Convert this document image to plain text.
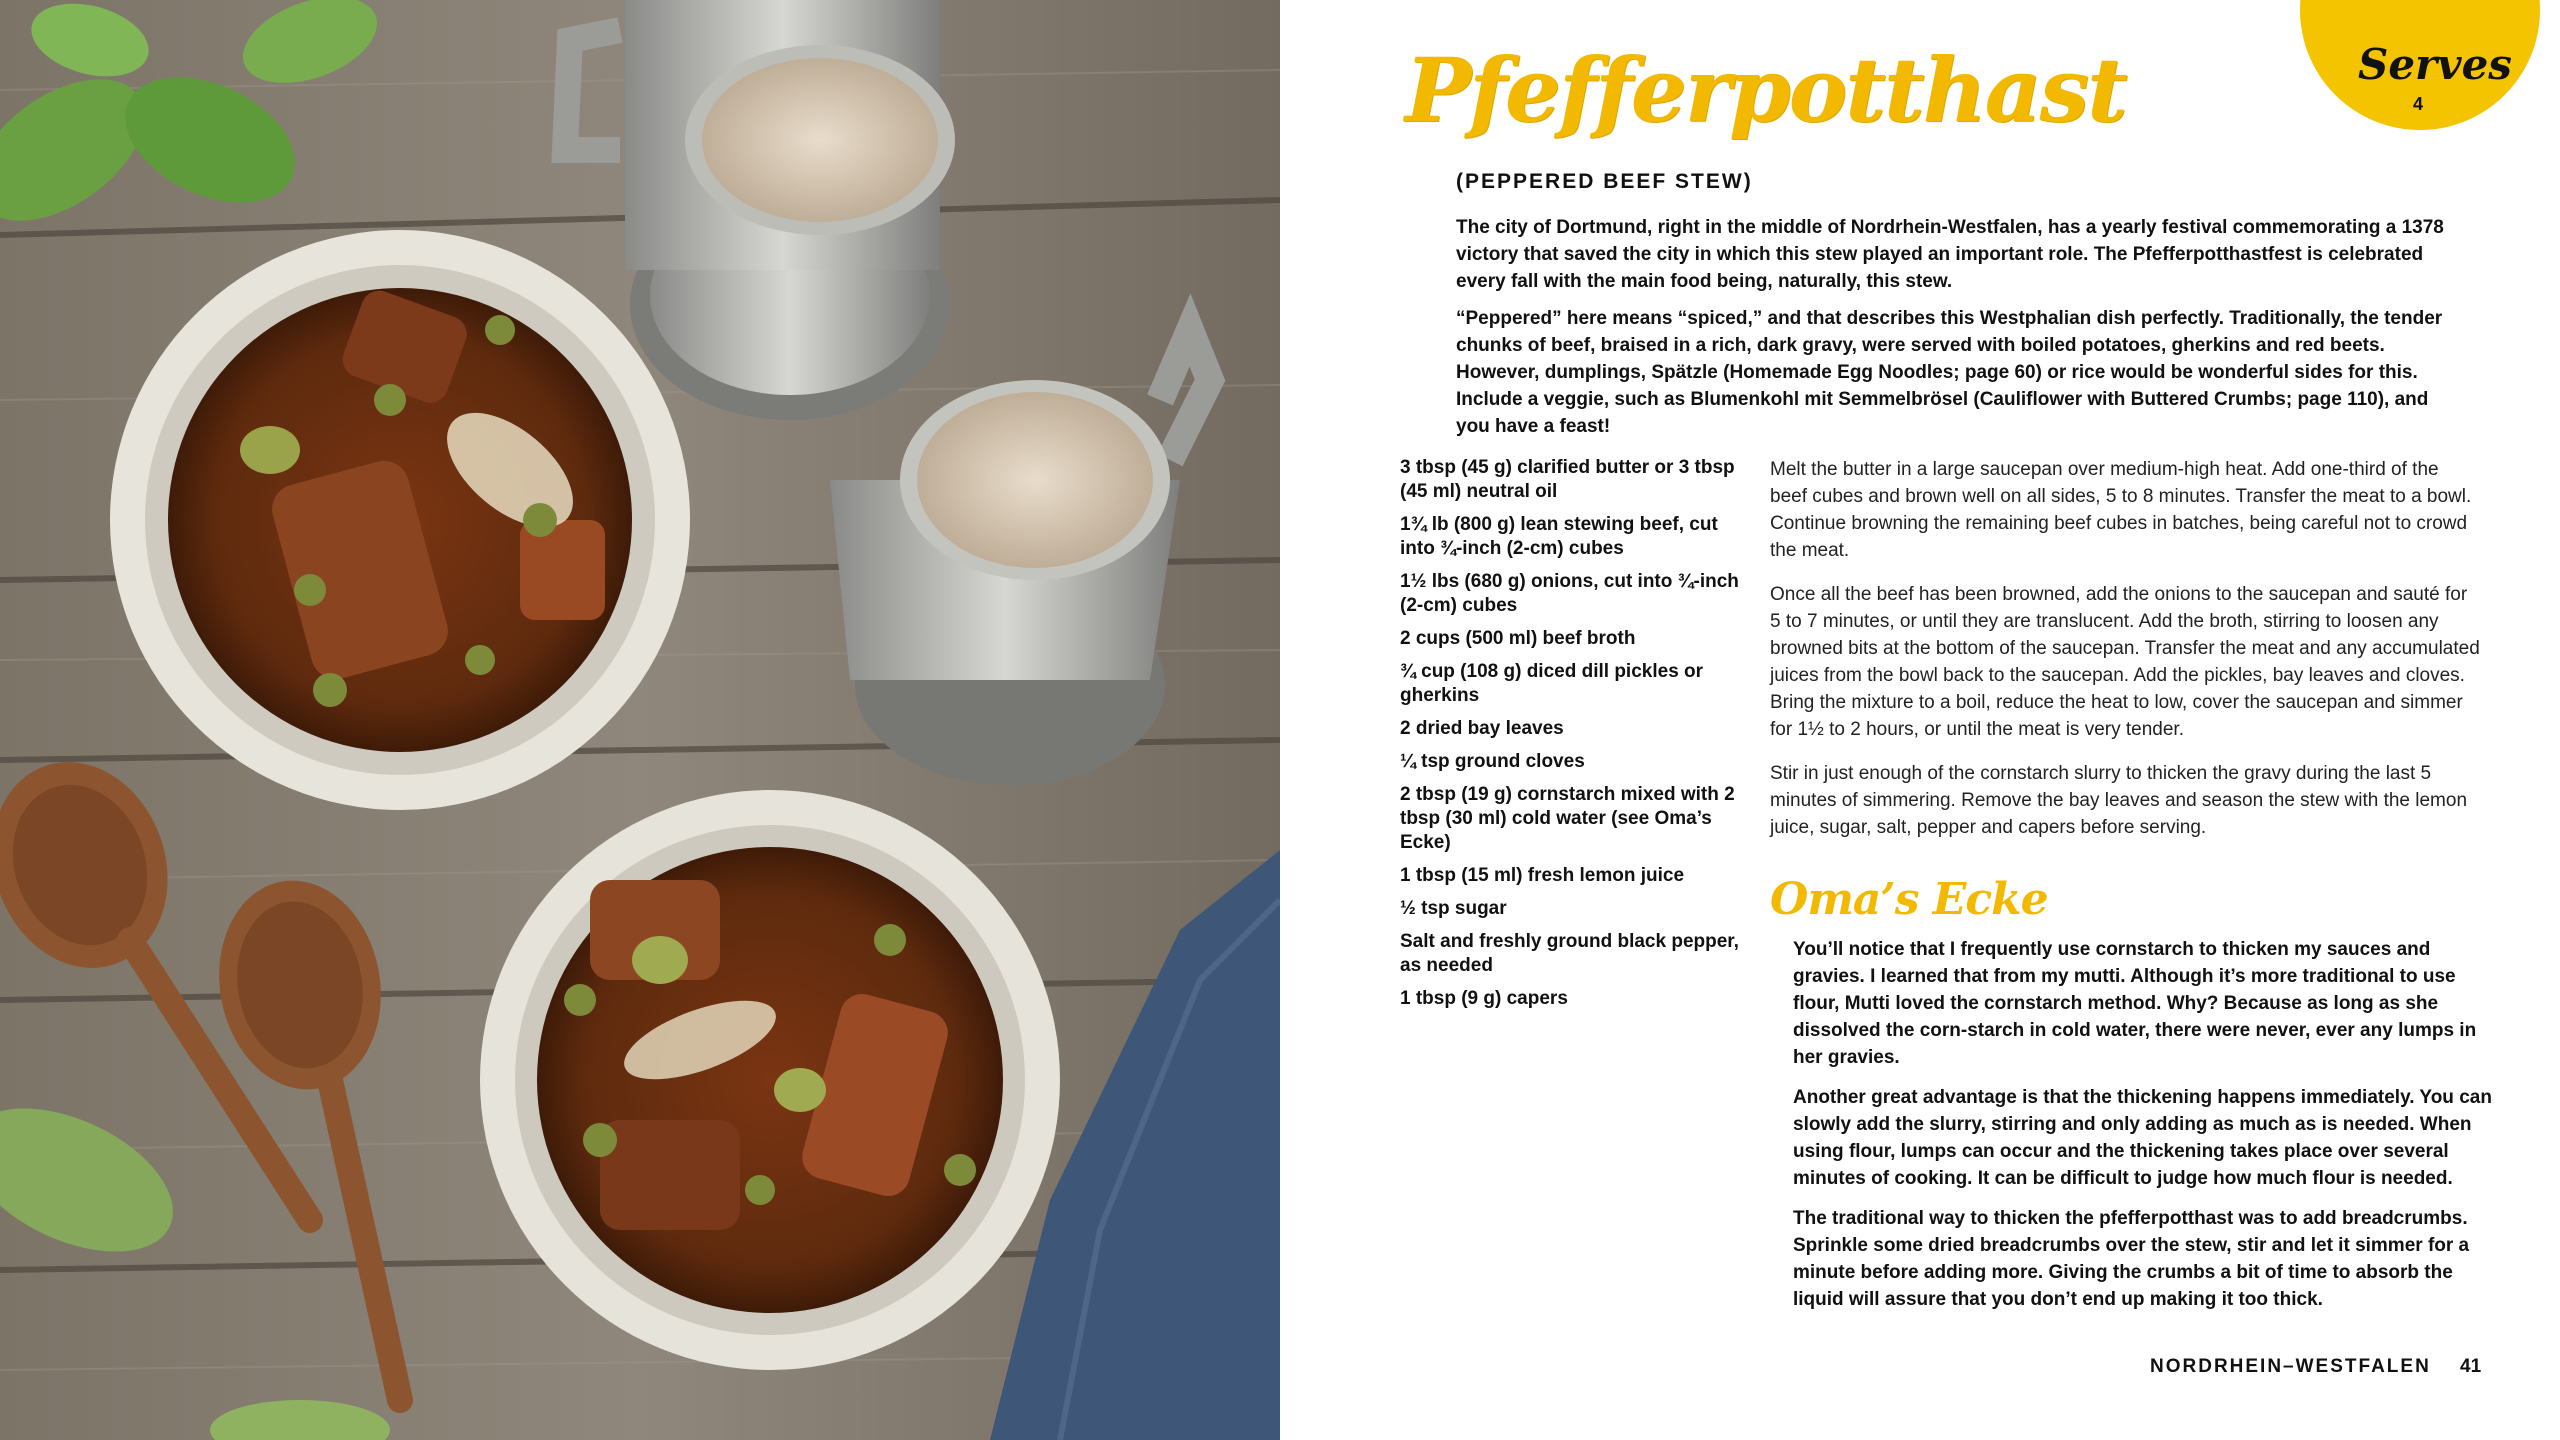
Serves
4
Pfefferpotthast
(PEPPERED BEEF STEW)

The city of Dortmund, right in the middle of Nordrhein-Westfalen, has a yearly festival commemorating a 1378 victory that saved the city in which this stew played an important role. The Pfefferpotthastfest is celebrated every fall with the main food being, naturally, this stew.

“Peppered” here means “spiced,” and that describes this Westphalian dish perfectly. Traditionally, the tender chunks of beef, braised in a rich, dark gravy, were served with boiled potatoes, gherkins and red beets. However, dumplings, Spätzle (Homemade Egg Noodles; page 60) or rice would be wonderful sides for this. Include a veggie, such as Blumenkohl mit Semmelbrösel (Cauliflower with Buttered Crumbs; page 110), and you have a feast!

3 tbsp (45 g) clarified butter or 3 tbsp (45 ml) neutral oil
1¾ lb (800 g) lean stewing beef, cut into ¾-inch (2-cm) cubes
1½ lbs (680 g) onions, cut into ¾-inch (2-cm) cubes
2 cups (500 ml) beef broth
¾ cup (108 g) diced dill pickles or gherkins
2 dried bay leaves
¼ tsp ground cloves
2 tbsp (19 g) cornstarch mixed with 2 tbsp (30 ml) cold water (see Oma’s Ecke)
1 tbsp (15 ml) fresh lemon juice
½ tsp sugar
Salt and freshly ground black pepper, as needed
1 tbsp (9 g) capers

Melt the butter in a large saucepan over medium-high heat. Add one-third of the beef cubes and brown well on all sides, 5 to 8 minutes. Transfer the meat to a bowl. Continue browning the remaining beef cubes in batches, being careful not to crowd the meat.

Once all the beef has been browned, add the onions to the saucepan and sauté for 5 to 7 minutes, or until they are translucent. Add the broth, stirring to loosen any browned bits at the bottom of the saucepan. Transfer the meat and any accumulated juices from the bowl back to the saucepan. Add the pickles, bay leaves and cloves. Bring the mixture to a boil, reduce the heat to low, cover the saucepan and simmer for 1½ to 2 hours, or until the meat is very tender.

Stir in just enough of the cornstarch slurry to thicken the gravy during the last 5 minutes of simmering. Remove the bay leaves and season the stew with the lemon juice, sugar, salt, pepper and capers before serving.

Oma’s Ecke

You’ll notice that I frequently use cornstarch to thicken my sauces and gravies. I learned that from my mutti. Although it’s more traditional to use flour, Mutti loved the cornstarch method. Why? Because as long as she dissolved the corn-starch in cold water, there were never, ever any lumps in her gravies.

Another great advantage is that the thickening happens immediately. You can slowly add the slurry, stirring and only adding as much as is needed. When using flour, lumps can occur and the thickening takes place over several minutes of cooking. It can be difficult to judge how much flour is needed.

The traditional way to thicken the pfefferpotthast was to add breadcrumbs. Sprinkle some dried breadcrumbs over the stew, stir and let it simmer for a minute before adding more. Giving the crumbs a bit of time to absorb the liquid will assure that you don’t end up making it too thick.

NORDRHEIN–WESTFALEN 41
